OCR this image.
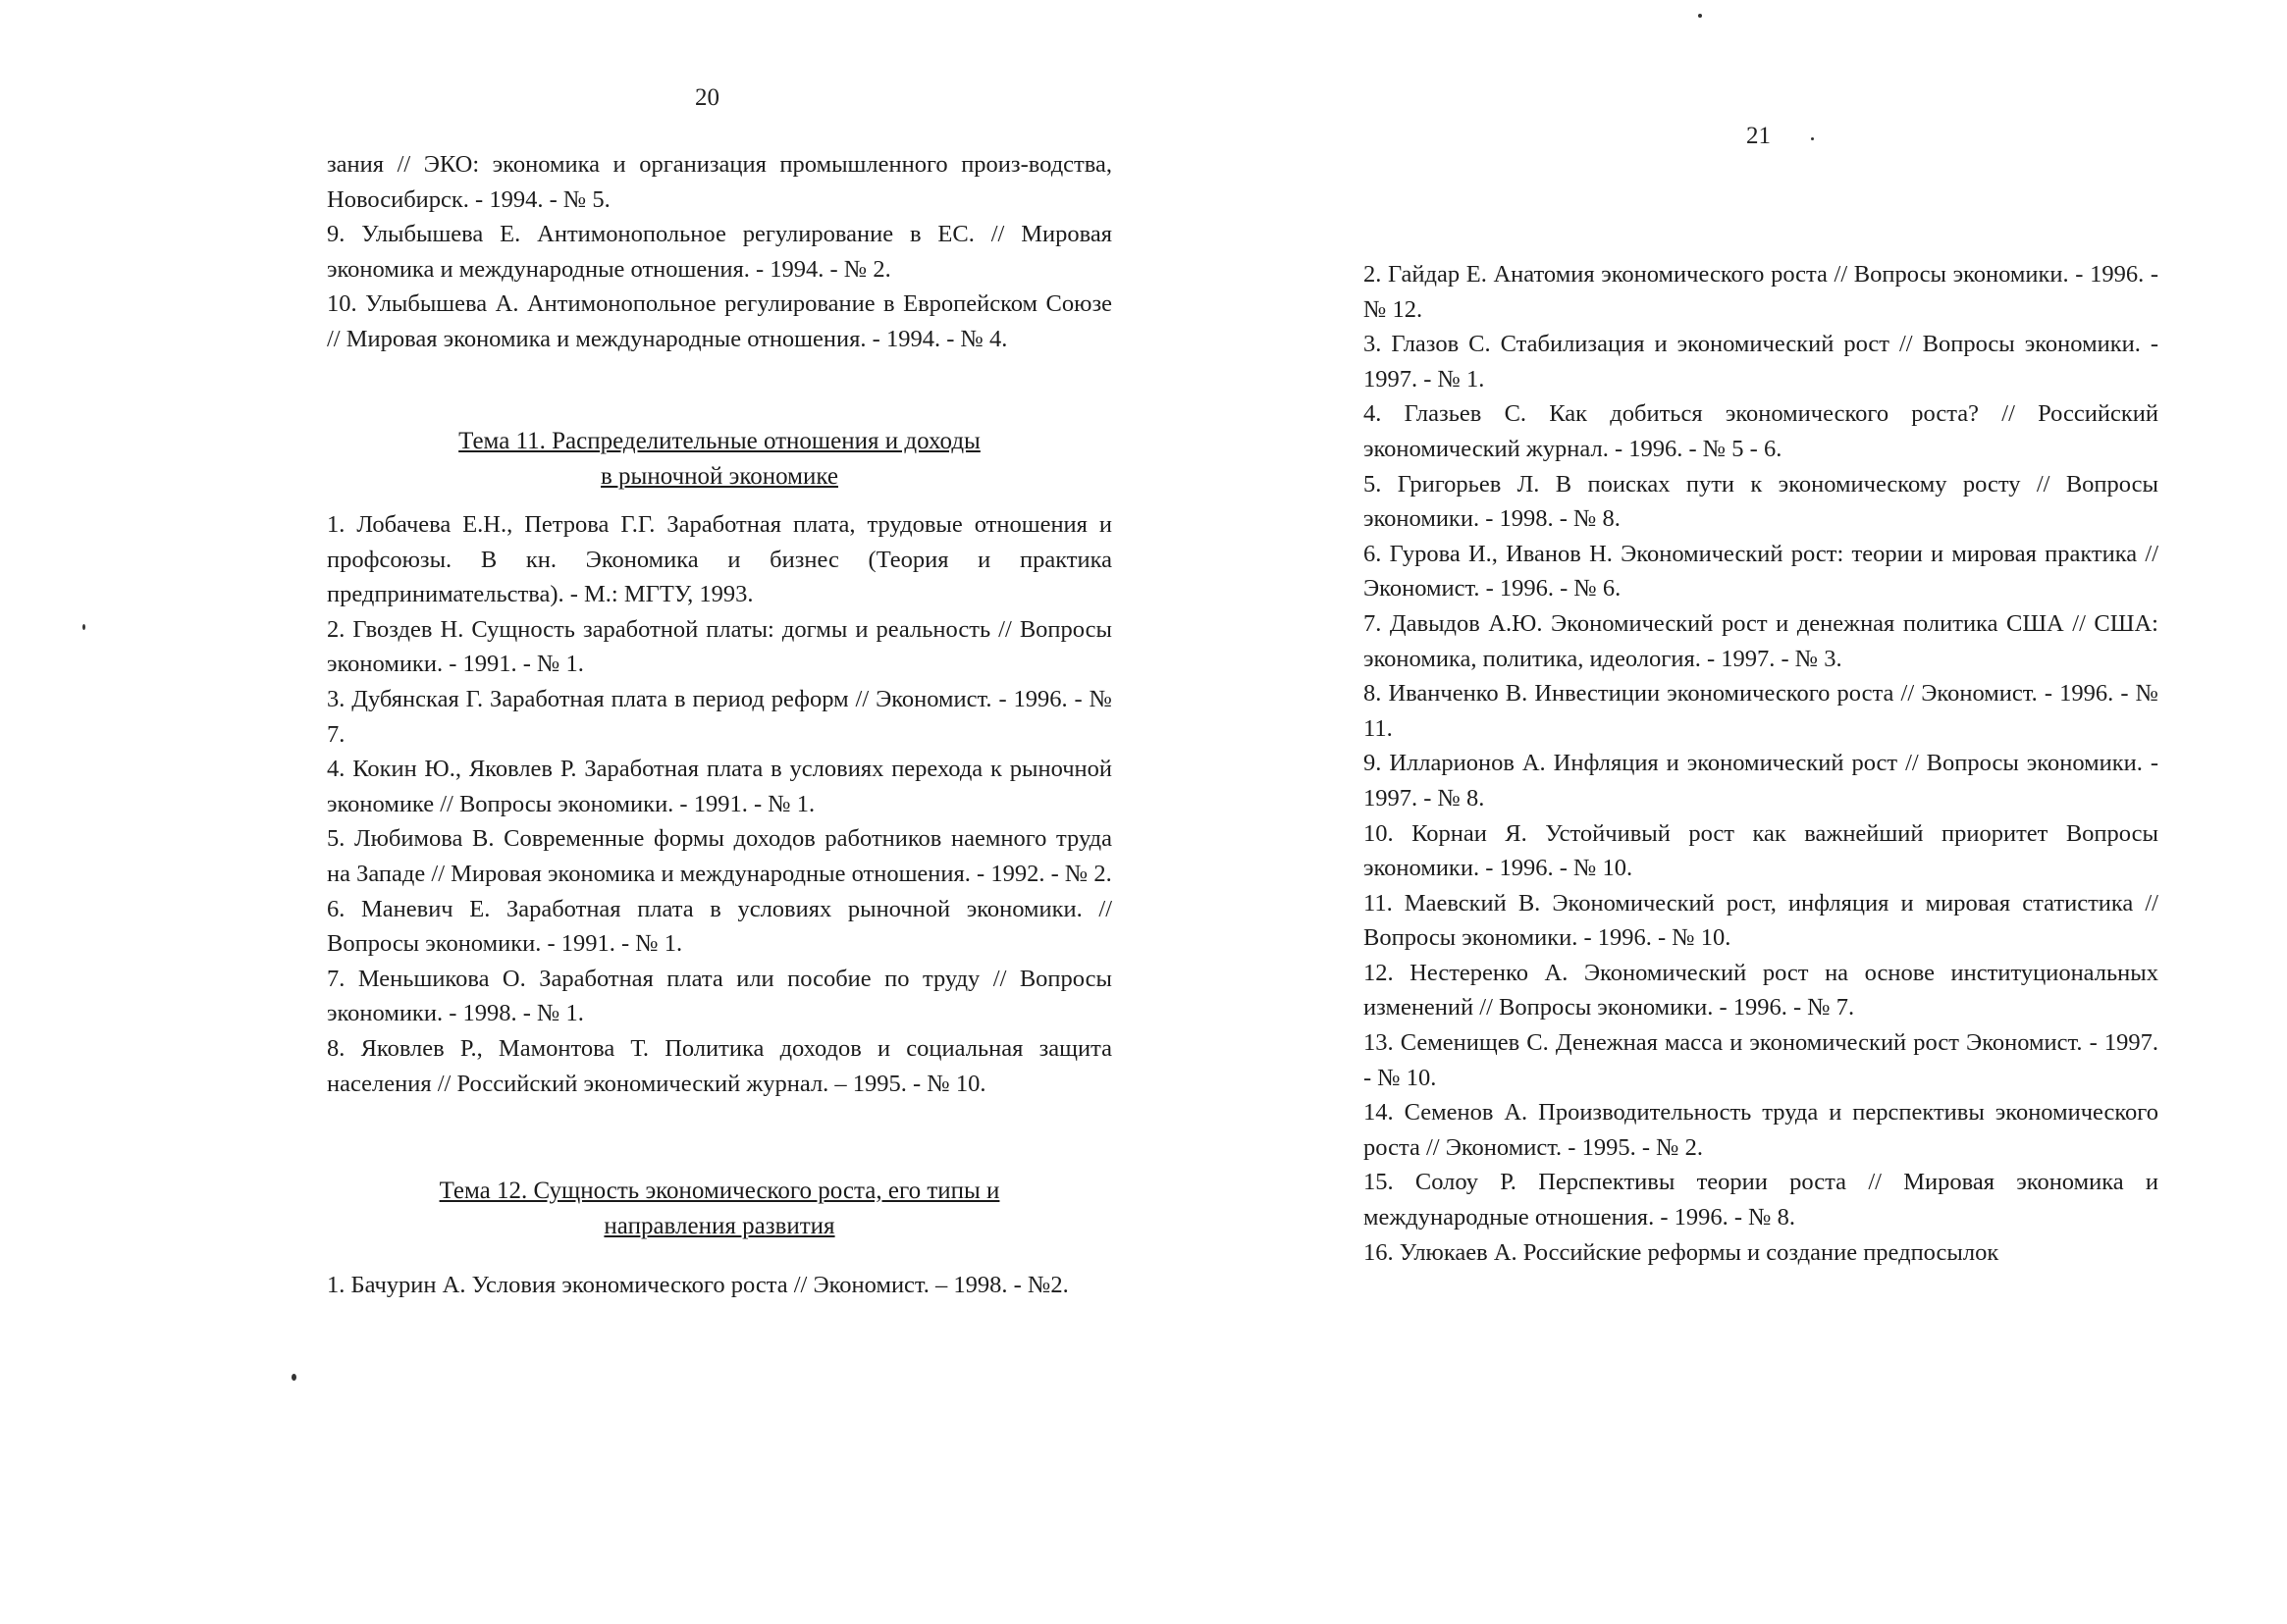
20

зания // ЭКО: экономика и организация промышленного произ-водства, Новосибирск. - 1994. - № 5.

9. Улыбышева Е. Антимонопольное регулирование в ЕС. // Мировая экономика и международные отношения. - 1994. - № 2.

10. Улыбышева А. Антимонопольное регулирование в Европейском Союзе // Мировая экономика и международные отношения. - 1994. - № 4.

Тема 11. Распределительные отношения и доходы
в рыночной экономике

1. Лобачева Е.Н., Петрова Г.Г. Заработная плата, трудовые отношения и профсоюзы. В кн. Экономика и бизнес (Теория и практика предпринимательства). - М.: МГТУ, 1993.

2. Гвоздев Н. Сущность заработной платы: догмы и реальность // Вопросы экономики. - 1991. - № 1.

3. Дубянская Г. Заработная плата в период реформ // Экономист. - 1996. - № 7.

4. Кокин Ю., Яковлев Р. Заработная плата в условиях перехода к рыночной экономике // Вопросы экономики. - 1991. - № 1.

5. Любимова В. Современные формы доходов работников наемного труда на Западе // Мировая экономика и международные отношения. - 1992. - № 2.

6. Маневич Е. Заработная плата в условиях рыночной экономики. // Вопросы экономики. - 1991. - № 1.

7. Меньшикова О. Заработная плата или пособие по труду // Вопросы экономики. - 1998. - № 1.

8. Яковлев Р., Мамонтова Т. Политика доходов и социальная защита населения // Российский экономический журнал. – 1995. - № 10.

Тема 12. Сущность экономического роста, его типы и
направления развития

1. Бачурин А. Условия экономического роста // Экономист. – 1998. - №2.

21

2. Гайдар Е. Анатомия экономического роста // Вопросы экономики. - 1996. - № 12.

3. Глазов С. Стабилизация и экономический рост // Вопросы экономики. - 1997. - № 1.

4. Глазьев С. Как добиться экономического роста? // Российский экономический журнал. - 1996. - № 5 - 6.

5. Григорьев Л. В поисках пути к экономическому росту // Вопросы экономики. - 1998. - № 8.

6. Гурова И., Иванов Н. Экономический рост: теории и мировая практика // Экономист. - 1996. - № 6.

7. Давыдов А.Ю. Экономический рост и денежная политика США // США: экономика, политика, идеология. - 1997. - № 3.

8. Иванченко В. Инвестиции экономического роста // Экономист. - 1996. - № 11.

9. Илларионов А. Инфляция и экономический рост // Вопросы экономики. - 1997. - № 8.

10. Корнаи Я. Устойчивый рост как важнейший приоритет Вопросы экономики. - 1996. - № 10.

11. Маевский В. Экономический рост, инфляция и мировая статистика // Вопросы экономики. - 1996. - № 10.

12. Нестеренко А. Экономический рост на основе институциональных изменений // Вопросы экономики. - 1996. - № 7.

13. Семенищев С. Денежная масса и экономический рост Экономист. - 1997. - № 10.

14. Семенов А. Производительность труда и перспективы экономического роста // Экономист. - 1995. - № 2.

15. Солоу Р. Перспективы теории роста // Мировая экономика и международные отношения. - 1996. - № 8.

16. Улюкаев А. Российские реформы и создание предпосылок
